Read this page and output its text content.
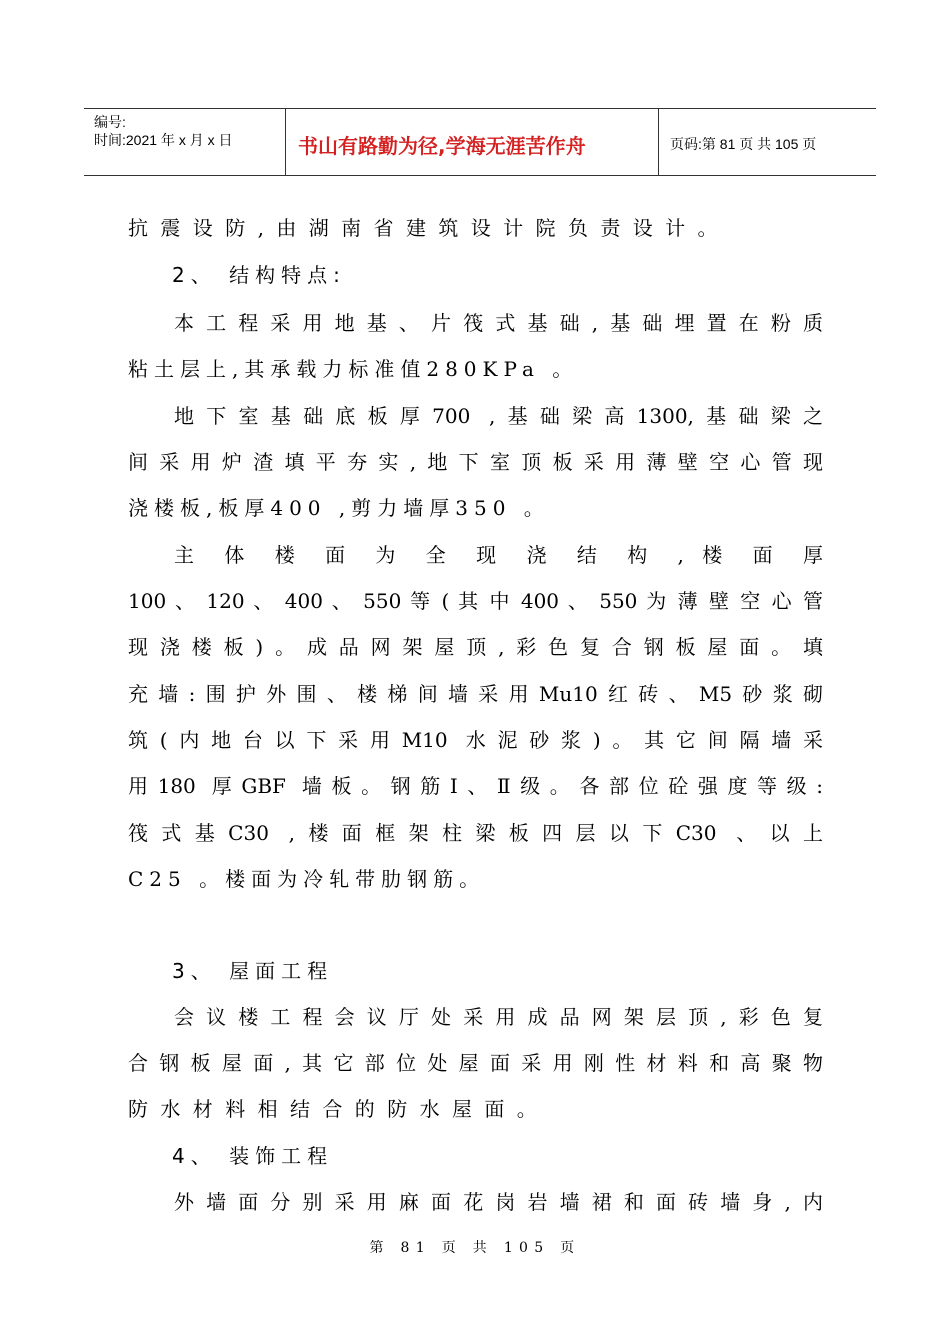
编号:
时间:2021 年 x 月 x 日	书山有路勤为径,学海无涯苦作舟	页码:第 81 页 共 105 页
抗震设防,由湖南省建筑设计院负责设计。
2、 结构特点:
本工程采用地基、片筏式基础,基础埋置在粉质
粘土层上,其承载力标准值280KPa 。
地下室基础底板厚700 ,基础梁高1300,基础梁之
间采用炉渣填平夯实,地下室顶板采用薄壁空心管现
浇楼板,板厚400 ,剪力墙厚350 。
主 体 楼 面 为 全 现 浇 结 构 , 楼 面 厚
100 、 120 、 400 、 550 等 ( 其 中 400 、 550 为 薄 壁 空 心 管
现浇楼板)。成品网架屋顶,彩色复合钢板屋面。填
充墙:围护外围、楼梯间墙采用Mu10红砖、M5砂浆砌
筑(内地台以下采用M10 水泥砂浆)。其它间隔墙采
用180 厚GBF 墙板。钢筋Ⅰ、Ⅱ级。各部位砼强度等级:
筏式基C30 ,楼面框架柱梁板四层以下C30 、以上
C25 。楼面为冷轧带肋钢筋。
3、 屋面工程
会议楼工程会议厅处采用成品网架层顶,彩色复
合钢板屋面,其它部位处屋面采用刚性材料和高聚物
防水材料相结合的防水屋面。
4、 装饰工程
外墙面分别采用麻面花岗岩墙裙和面砖墙身,内
第 81 页 共 105 页
